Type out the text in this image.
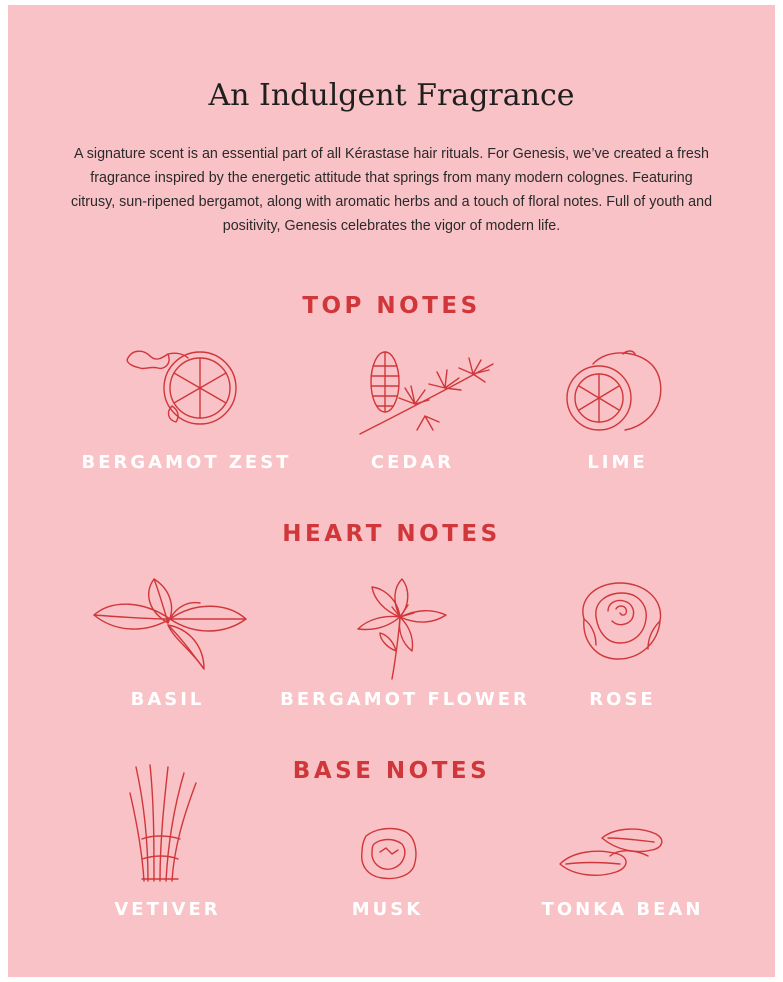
An Indulgent Fragrance

A signature scent is an essential part of all Kérastase hair rituals. For Genesis, we’ve created a fresh fragrance inspired by the energetic attitude that springs from many modern colognes. Featuring citrusy, sun-ripened bergamot, along with aromatic herbs and a touch of floral notes. Full of youth and positivity, Genesis celebrates the vigor of modern life.

TOP NOTES
BERGAMOT ZEST	CEDAR	LIME
HEART NOTES
BASIL	BERGAMOT FLOWER	ROSE
BASE NOTES
VETIVER	MUSK	TONKA BEAN
